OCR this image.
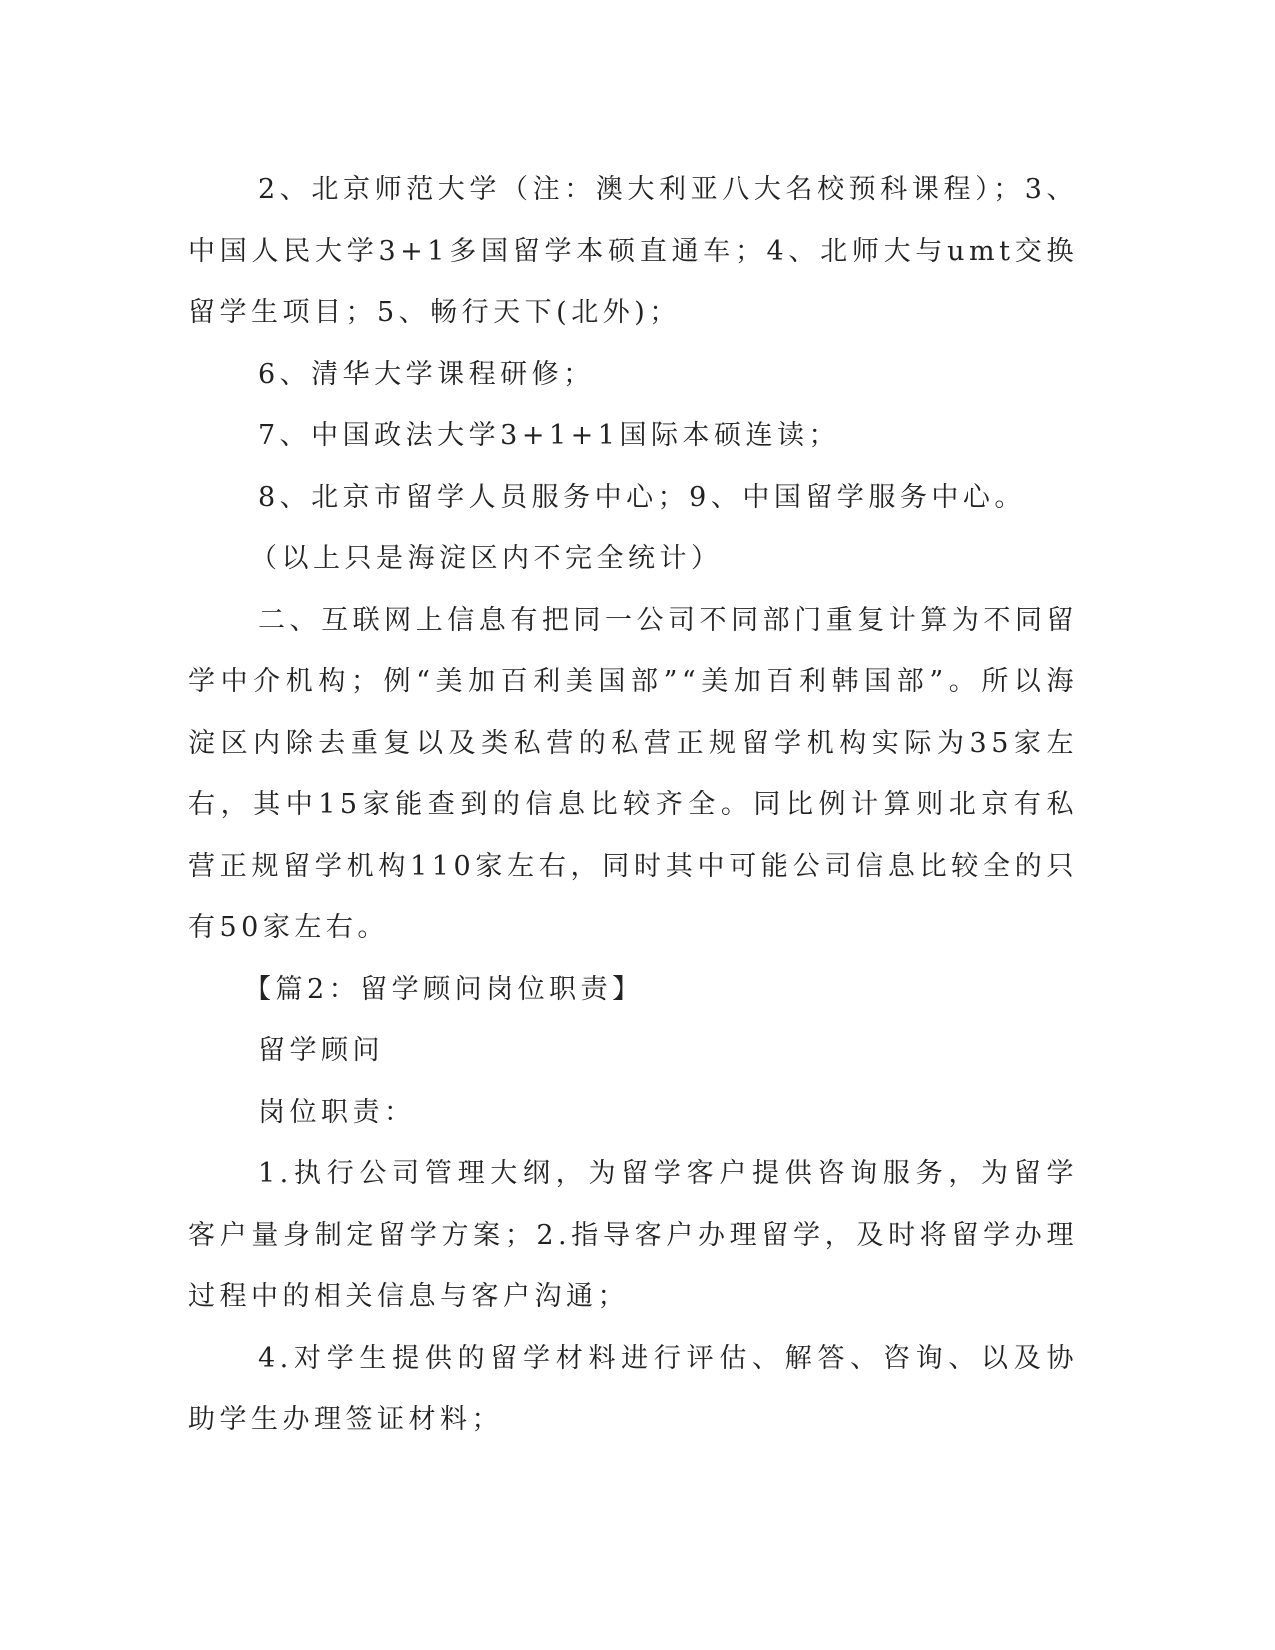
2、北京师范大学（注：澳大利亚八大名校预科课程）；3、中国人民大学3+1多国留学本硕直通车；4、北师大与umt交换留学生项目；5、畅行天下(北外)；

6、清华大学课程研修；

7、中国政法大学3+1+1国际本硕连读；

8、北京市留学人员服务中心；9、中国留学服务中心。

（以上只是海淀区内不完全统计）

二、互联网上信息有把同一公司不同部门重复计算为不同留学中介机构；例“美加百利美国部”“美加百利韩国部”。所以海淀区内除去重复以及类私营的私营正规留学机构实际为35家左右，其中15家能查到的信息比较齐全。同比例计算则北京有私营正规留学机构110家左右，同时其中可能公司信息比较全的只有50家左右。

【篇2：留学顾问岗位职责】

留学顾问

岗位职责：

1.执行公司管理大纲，为留学客户提供咨询服务，为留学客户量身制定留学方案；2.指导客户办理留学，及时将留学办理过程中的相关信息与客户沟通；

4.对学生提供的留学材料进行评估、解答、咨询、以及协助学生办理签证材料；
